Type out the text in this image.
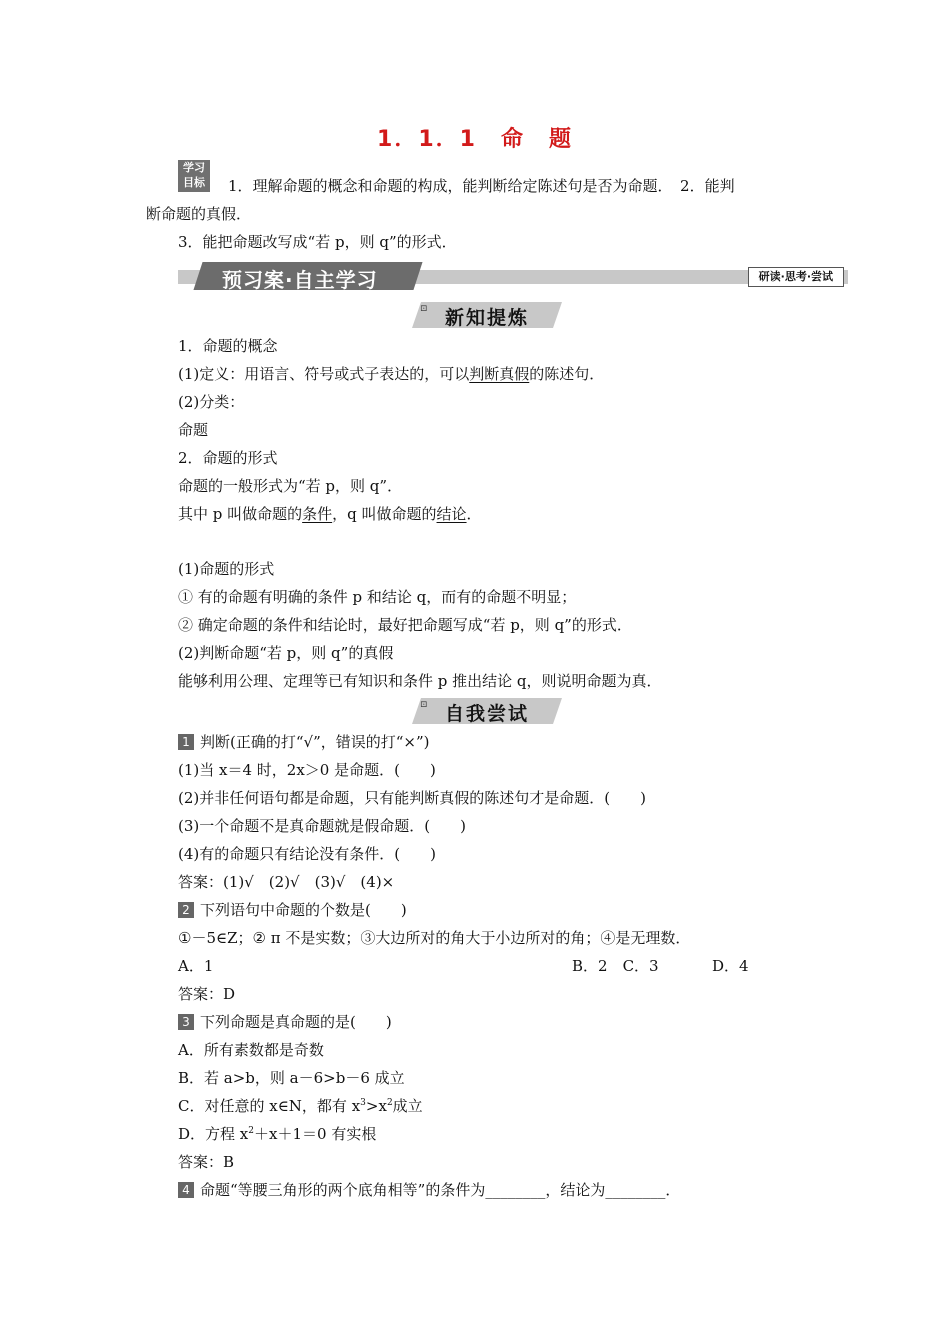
1．1．1　命　题
学习
目标	1．理解命题的概念和命题的构成，能判断给定陈述句是否为命题．　2．能判
断命题的真假．
3．能把命题改写成“若 p，则 q”的形式．
预习案·自主学习	研读·思考·尝试
⊡ 新知提炼
1．命题的概念
(1)定义：用语言、符号或式子表达的，可以判断真假的陈述句．
(2)分类：
命题
2．命题的形式
命题的一般形式为“若 p，则 q”．
其中 p 叫做命题的条件，q 叫做命题的结论．
(1)命题的形式
① 有的命题有明确的条件 p 和结论 q，而有的命题不明显；
② 确定命题的条件和结论时，最好把命题写成“若 p，则 q”的形式．
(2)判断命题“若 p，则 q”的真假
能够利用公理、定理等已有知识和条件 p 推出结论 q，则说明命题为真．
⊡ 自我尝试
1 判断(正确的打“√”，错误的打“×”)
(1)当 x＝4 时，2x＞0 是命题．(　　)
(2)并非任何语句都是命题，只有能判断真假的陈述句才是命题．(　　)
(3)一个命题不是真命题就是假命题．(　　)
(4)有的命题只有结论没有条件．(　　)
答案：(1)√　(2)√　(3)√　(4)×
2 下列语句中命题的个数是(　　)
①－5∈Z；② π 不是实数；③大边所对的角大于小边所对的角；④是无理数．
A．1	B．2　C．3	D．4
答案：D
3 下列命题是真命题的是(　　)
A．所有素数都是奇数
B．若 a>b，则 a－6>b－6 成立
C．对任意的 x∈N，都有 $x^3>x^2$成立
D．方程 $x^2+x+1=0$ 有实根
答案：B
4 命题“等腰三角形的两个底角相等”的条件为________，结论为________．
